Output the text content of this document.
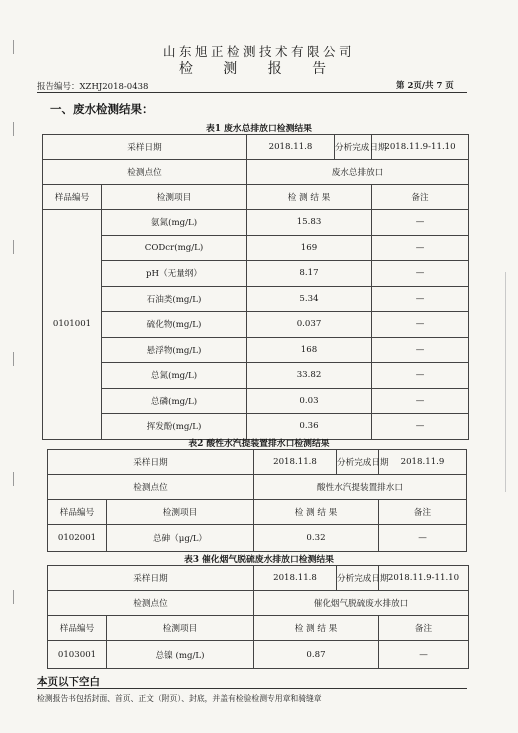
山东旭正检测技术有限公司
检 测 报 告
报告编号：XZHJ2018-0438	第 2页/共 7 页
一、废水检测结果：
表1 废水总排放口检测结果
采样日期		2018.11.8	分析完成日期	2018.11.9-11.10
检测点位		废水总排放口		
样品编号	检测项目	检 测 结 果		备注
0101001	氨氮(mg/L)	15.83		—
	CODcr(mg/L)	169		—
	pH（无量纲）	8.17		—
	石油类(mg/L)	5.34		—
	硫化物(mg/L)	0.037		—
	悬浮物(mg/L)	168		—
	总氮(mg/L)	33.82		—
	总磷(mg/L)	0.03		—
	挥发酚(mg/L)	0.36		—
表2 酸性水汽提装置排水口检测结果
采样日期		2018.11.8	分析完成日期	2018.11.9
检测点位		酸性水汽提装置排水口		
样品编号	检测项目	检 测 结 果		备注
0102001	总砷（μg/L）	0.32		—
表3 催化烟气脱硫废水排放口检测结果
采样日期		2018.11.8	分析完成日期	2018.11.9-11.10
检测点位		催化烟气脱硫废水排放口		
样品编号	检测项目	检 测 结 果		备注
0103001	总镍 (mg/L)	0.87		—
本页以下空白
检测报告书包括封面、首页、正文（附页）、封底，并盖有检验检测专用章和骑缝章
